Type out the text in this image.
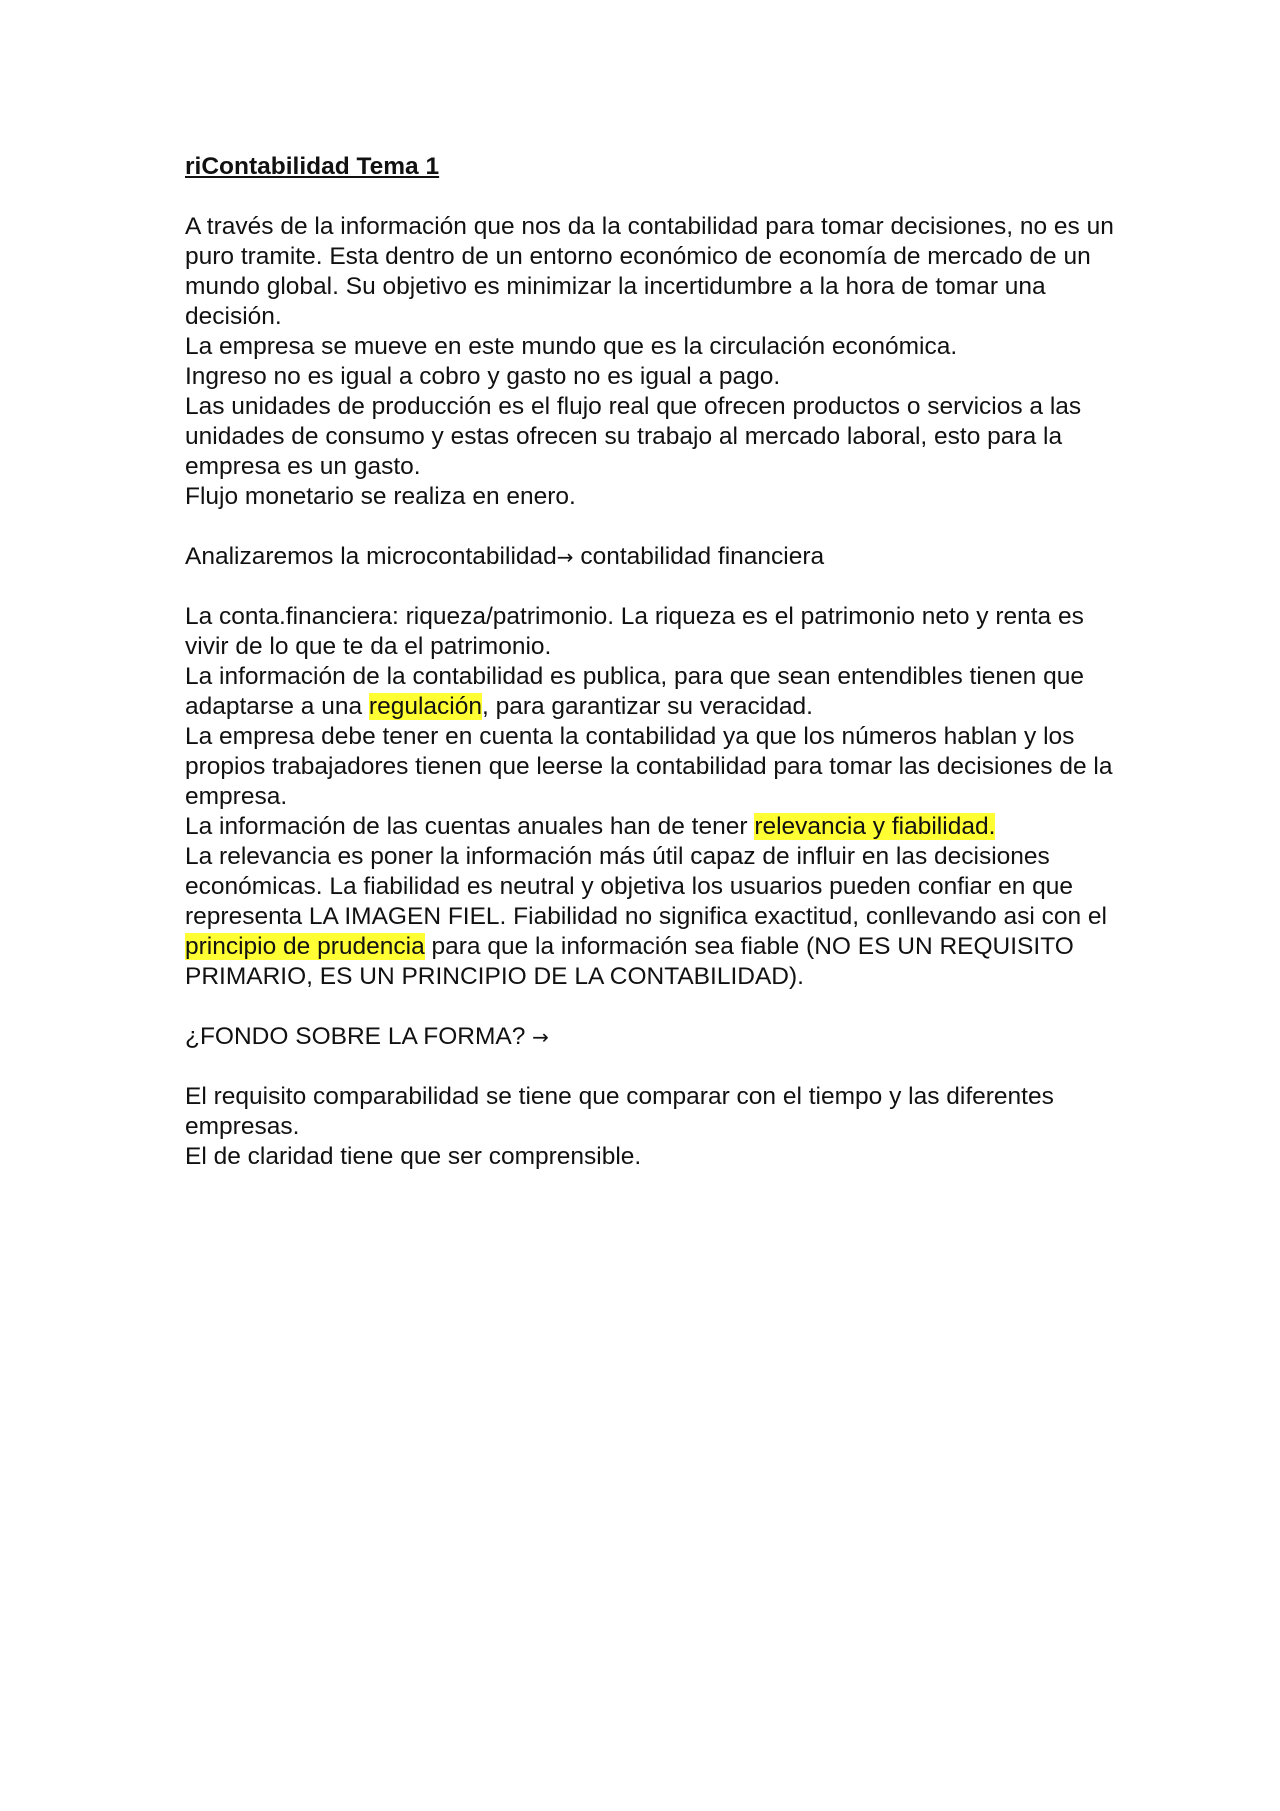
riContabilidad Tema 1

A través de la información que nos da la contabilidad para tomar decisiones, no es un puro tramite. Esta dentro de un entorno económico de economía de mercado de un mundo global. Su objetivo es minimizar la incertidumbre a la hora de tomar una decisión.

La empresa se mueve en este mundo que es la circulación económica.

Ingreso no es igual a cobro y gasto no es igual a pago.

Las unidades de producción es el flujo real que ofrecen productos o servicios a las unidades de consumo y estas ofrecen su trabajo al mercado laboral, esto para la empresa es un gasto.

Flujo monetario se realiza en enero.

Analizaremos la microcontabilidad→ contabilidad financiera

La conta.financiera: riqueza/patrimonio. La riqueza es el patrimonio neto y renta es vivir de lo que te da el patrimonio.

La información de la contabilidad es publica, para que sean entendibles tienen que adaptarse a una regulación, para garantizar su veracidad.

La empresa debe tener en cuenta la contabilidad ya que los números hablan y los propios trabajadores tienen que leerse la contabilidad para tomar las decisiones de la empresa.

La información de las cuentas anuales han de tener relevancia y fiabilidad.

La relevancia es poner la información más útil capaz de influir en las decisiones económicas. La fiabilidad es neutral y objetiva los usuarios pueden confiar en que representa LA IMAGEN FIEL. Fiabilidad no significa exactitud, conllevando asi con el principio de prudencia para que la información sea fiable (NO ES UN REQUISITO PRIMARIO, ES UN PRINCIPIO DE LA CONTABILIDAD).

¿FONDO SOBRE LA FORMA? →

El requisito comparabilidad se tiene que comparar con el tiempo y las diferentes empresas.

El de claridad tiene que ser comprensible.
